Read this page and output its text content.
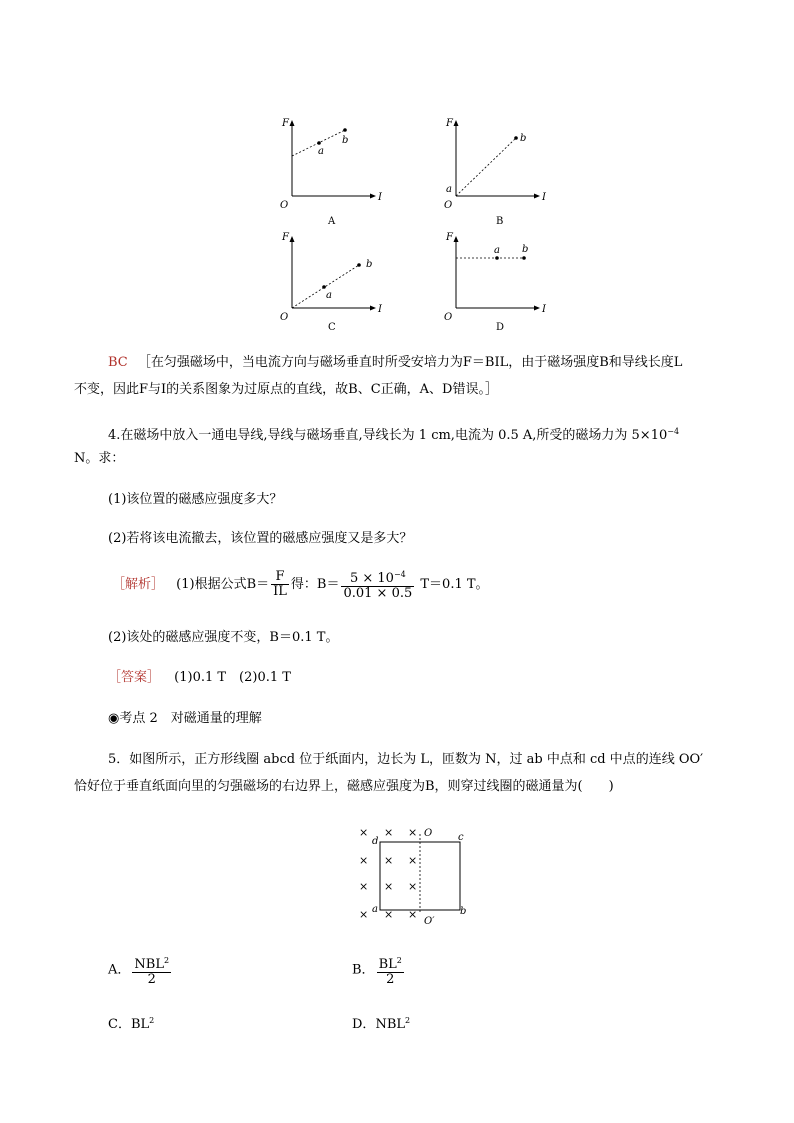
F
I
O
a
b
A
F
I
O
a
b
B
F
I
O
a
b
C
F
I
O
a b
D
BC ［在匀强磁场中，当电流方向与磁场垂直时所受安培力为F＝BIL，由于磁场强度B和导线长度L
不变，因此F与I的关系图象为过原点的直线，故B、C正确，A、D错误。］
4.在磁场中放入一通电导线,导线与磁场垂直,导线长为 1 cm,电流为 0.5 A,所受的磁场力为 $5\times 10^{-4}$
N。求：
(1)该位置的磁感应强度多大？
(2)若将该电流撤去，该位置的磁感应强度又是多大？
［解析］ (1)根据公式$B= \frac{F}{IL}$ 得：$B= \frac{5 \times 10^{-4}}{0.01 \times 0.5} T=0.1$ T。
(2)该处的磁感应强度不变，B＝0.1 T。
［答案］ (1)0.1 T　(2)0.1 T
◉考点 2　对磁通量的理解
5．如图所示，正方形线圈 abcd 位于纸面内，边长为 L，匝数为 N，过 ab 中点和 cd 中点的连线 OO′
恰好位于垂直纸面向里的匀强磁场的右边界上，磁感应强度为B，则穿过线圈的磁通量为(　　)
× × ×
× × ×
× × ×
× × ×
d	c
a	b
O
O′
A． $\frac{NBL^2}{2}$	B． $\frac{BL^2}{2}$
C．$BL^2$	D．NBL$^2$
